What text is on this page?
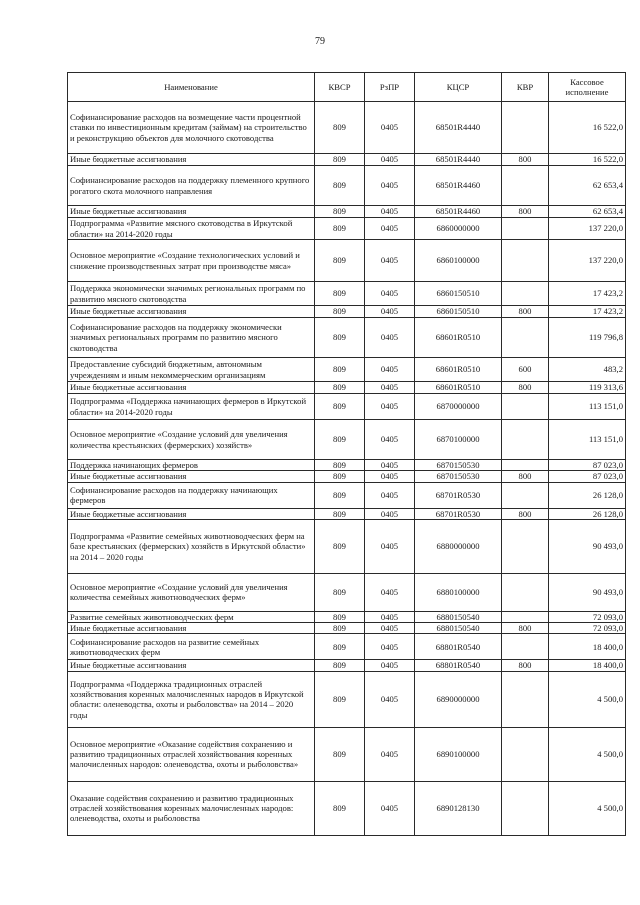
79
Наименование	КВСР	РзПР	КЦСР	КВР	Кассовое исполнение
Софинансирование расходов на возмещение части процентной ставки по инвестиционным кредитам (займам) на строительство и реконструкцию объектов для молочного скотоводства	809	0405	68501R4440		16 522,0
Иные бюджетные ассигнования	809	0405	68501R4440	800	16 522,0
Софинансирование расходов на поддержку племенного крупного рогатого скота молочного направления	809	0405	68501R4460		62 653,4
Иные бюджетные ассигнования	809	0405	68501R4460	800	62 653,4
Подпрограмма «Развитие мясного скотоводства в Иркутской области» на 2014-2020 годы	809	0405	6860000000		137 220,0
Основное мероприятие «Создание технологических условий и снижение производственных затрат при производстве мяса»	809	0405	6860100000		137 220,0
Поддержка экономически значимых региональных программ по развитию мясного скотоводства	809	0405	6860150510		17 423,2
Иные бюджетные ассигнования	809	0405	6860150510	800	17 423,2
Софинансирование расходов на поддержку экономически значимых региональных программ по развитию мясного скотоводства	809	0405	68601R0510		119 796,8
Предоставление субсидий бюджетным, автономным учреждениям и иным некоммерческим организациям	809	0405	68601R0510	600	483,2
Иные бюджетные ассигнования	809	0405	68601R0510	800	119 313,6
Подпрограмма «Поддержка начинающих фермеров в Иркутской области» на 2014-2020 годы	809	0405	6870000000		113 151,0
Основное мероприятие «Создание условий для увеличения количества крестьянских (фермерских) хозяйств»	809	0405	6870100000		113 151,0
Поддержка начинающих фермеров	809	0405	6870150530		87 023,0
Иные бюджетные ассигнования	809	0405	6870150530	800	87 023,0
Софинансирование расходов на поддержку начинающих фермеров	809	0405	68701R0530		26 128,0
Иные бюджетные ассигнования	809	0405	68701R0530	800	26 128,0
Подпрограмма «Развитие семейных животноводческих ферм на базе крестьянских (фермерских) хозяйств в Иркутской области» на 2014 – 2020 годы	809	0405	6880000000		90 493,0
Основное мероприятие «Создание условий для увеличения количества семейных животноводческих ферм»	809	0405	6880100000		90 493,0
Развитие семейных животноводческих ферм	809	0405	6880150540		72 093,0
Иные бюджетные ассигнования	809	0405	6880150540	800	72 093,0
Софинансирование расходов на развитие семейных животноводческих ферм	809	0405	68801R0540		18 400,0
Иные бюджетные ассигнования	809	0405	68801R0540	800	18 400,0
Подпрограмма «Поддержка традиционных отраслей хозяйствования коренных малочисленных народов в Иркутской области: оленеводства, охоты и рыболовства» на 2014 – 2020 годы	809	0405	6890000000		4 500,0
Основное мероприятие «Оказание содействия сохранению и развитию традиционных отраслей хозяйствования коренных малочисленных народов: оленеводства, охоты и рыболовства»	809	0405	6890100000		4 500,0
Оказание содействия сохранению и развитию традиционных отраслей хозяйствования коренных малочисленных народов: оленеводства, охоты и рыболовства	809	0405	6890128130		4 500,0
